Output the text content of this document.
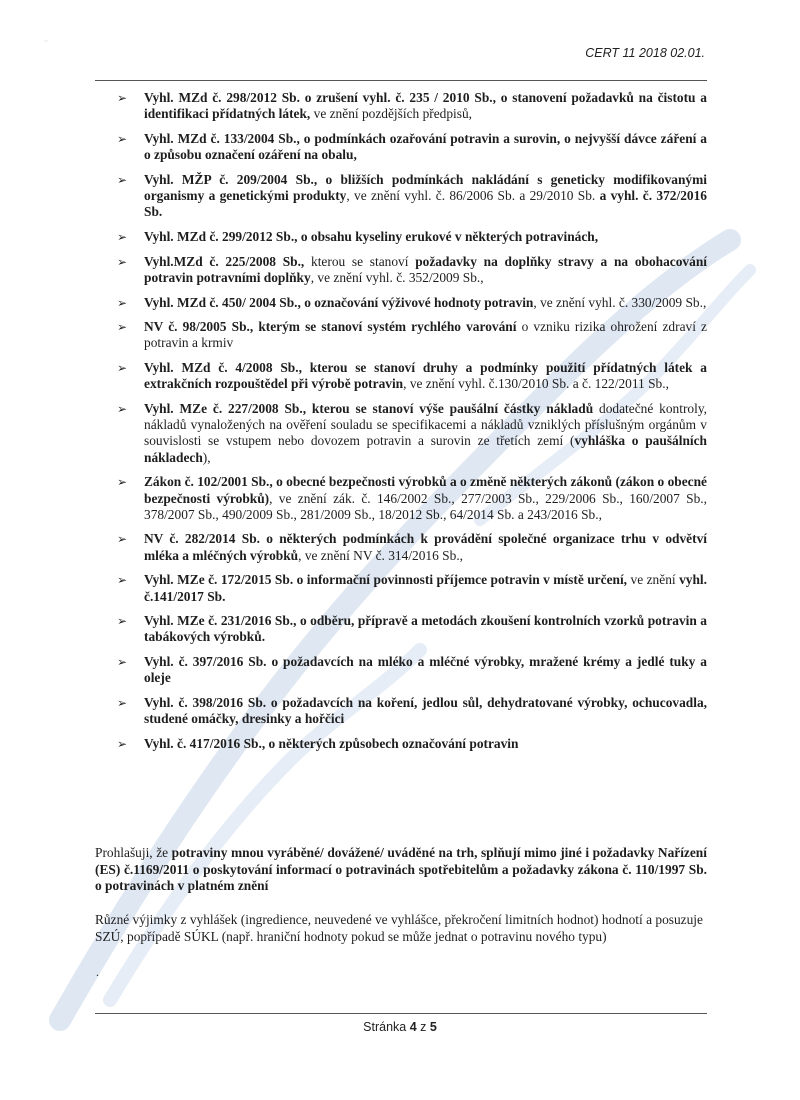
⁻
CERT 11 2018 02.01.
➢ Vyhl. MZd č. 298/2012 Sb. o zrušení vyhl. č. 235 / 2010 Sb., o stanovení požadavků na čistotu a identifikaci přídatných látek, ve znění pozdějších předpisů,
➢ Vyhl. MZd č. 133/2004 Sb., o podmínkách ozařování potravin a surovin, o nejvyšší dávce záření a o způsobu označení ozáření na obalu,
➢ Vyhl. MŽP č. 209/2004 Sb., o bližších podmínkách nakládání s geneticky modifikovanými organismy a genetickými produkty, ve znění vyhl. č. 86/2006 Sb. a 29/2010 Sb. a vyhl. č. 372/2016 Sb.
➢ Vyhl. MZd č. 299/2012 Sb., o obsahu kyseliny erukové v některých potravinách,
➢ Vyhl.MZd č. 225/2008 Sb., kterou se stanoví požadavky na doplňky stravy a na obohacování potravin potravními doplňky, ve znění vyhl. č. 352/2009 Sb.,
➢ Vyhl. MZd č. 450/ 2004 Sb., o označování výživové hodnoty potravin, ve znění vyhl. č. 330/2009 Sb.,
➢ NV č. 98/2005 Sb., kterým se stanoví systém rychlého varování o vzniku rizika ohrožení zdraví z potravin a krmiv
➢ Vyhl. MZd č. 4/2008 Sb., kterou se stanoví druhy a podmínky použití přídatných látek a extrakčních rozpouštědel při výrobě potravin, ve znění vyhl. č.130/2010 Sb. a č. 122/2011 Sb.,
➢ Vyhl. MZe č. 227/2008 Sb., kterou se stanoví výše paušální částky nákladů dodatečné kontroly, nákladů vynaložených na ověření souladu se specifikacemi a nákladů vzniklých příslušným orgánům v souvislosti se vstupem nebo dovozem potravin a surovin ze třetích zemí (vyhláška o paušálních nákladech),
➢ Zákon č. 102/2001 Sb., o obecné bezpečnosti výrobků a o změně některých zákonů (zákon o obecné bezpečnosti výrobků), ve znění zák. č. 146/2002 Sb., 277/2003 Sb., 229/2006 Sb., 160/2007 Sb., 378/2007 Sb., 490/2009 Sb., 281/2009 Sb., 18/2012 Sb., 64/2014 Sb. a 243/2016 Sb.,
➢ NV č. 282/2014 Sb. o některých podmínkách k provádění společné organizace trhu v odvětví mléka a mléčných výrobků, ve znění NV č. 314/2016 Sb.,
➢ Vyhl. MZe č. 172/2015 Sb. o informační povinnosti příjemce potravin v místě určení, ve znění vyhl. č.141/2017 Sb.
➢ Vyhl. MZe č. 231/2016 Sb., o odběru, přípravě a metodách zkoušení kontrolních vzorků potravin a tabákových výrobků.
➢ Vyhl. č. 397/2016 Sb. o požadavcích na mléko a mléčné výrobky, mražené krémy a jedlé tuky a oleje
➢ Vyhl. č. 398/2016 Sb. o požadavcích na koření, jedlou sůl, dehydratované výrobky, ochucovadla, studené omáčky, dresinky a hořčici
➢ Vyhl. č. 417/2016 Sb., o některých způsobech označování potravin

Prohlašuji, že potraviny mnou vyráběné/ dovážené/ uváděné na trh, splňují mimo jiné i požadavky Nařízení (ES) č.1169/2011 o poskytování informací o potravinách spotřebitelům a požadavky zákona č. 110/1997 Sb. o potravinách v platném znění

Různé výjimky z vyhlášek (ingredience, neuvedené ve vyhlášce, překročení limitních hodnot) hodnotí a posuzuje SZÚ, popřípadě SÚKL (např. hraniční hodnoty pokud se může jednat o potravinu nového typu)

.
Stránka 4 z 5
